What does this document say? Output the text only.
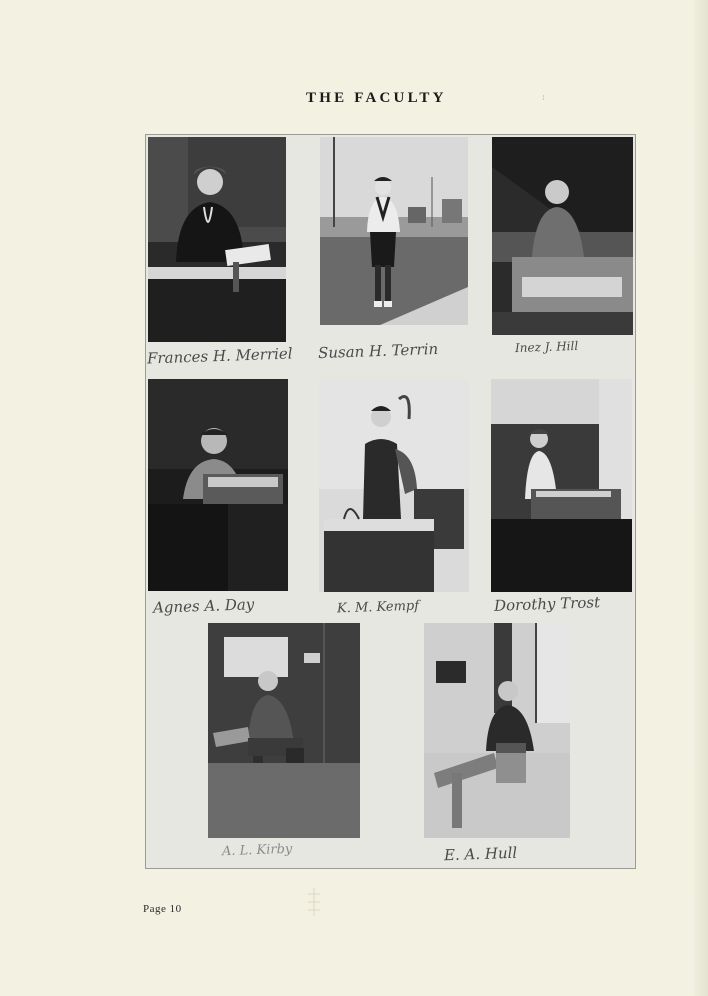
THE FACULTY	· ·
Frances H. Merriel Susan H. Terrin	Inez J. Hill
Agnes A. Day	K. M. Kempf	Dorothy Trost
A. L. Kirby	E. A. Hull
Page 10
